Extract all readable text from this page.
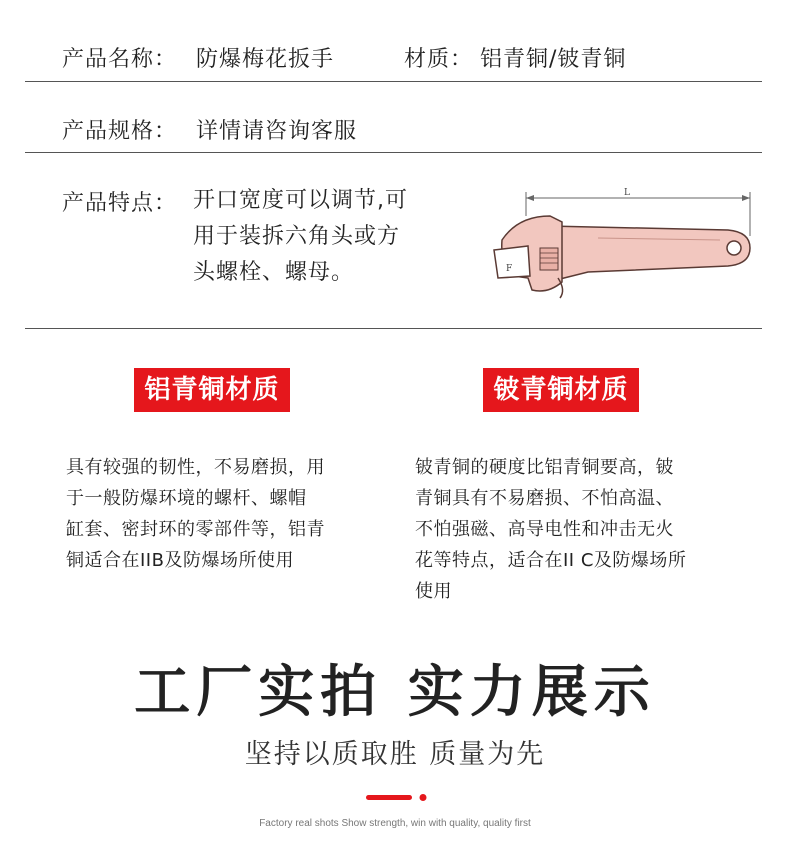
产品名称： 防爆梅花扳手	材质： 铝青铜/铍青铜
产品规格： 详情请咨询客服
产品特点： 开口宽度可以调节,可
用于装拆六角头或方
头螺栓、螺母。
L
F
铝青铜材质	铍青铜材质
具有较强的韧性，不易磨损，用
于一般防爆环境的螺杆、螺帽
缸套、密封环的零部件等，铝青
铜适合在IIB及防爆场所使用
铍青铜的硬度比铝青铜要高，铍
青铜具有不易磨损、不怕高温、
不怕强磁、高导电性和冲击无火
花等特点，适合在II C及防爆场所
使用
工厂实拍 实力展示
坚持以质取胜 质量为先
Factory real shots Show strength, win with quality, quality first
